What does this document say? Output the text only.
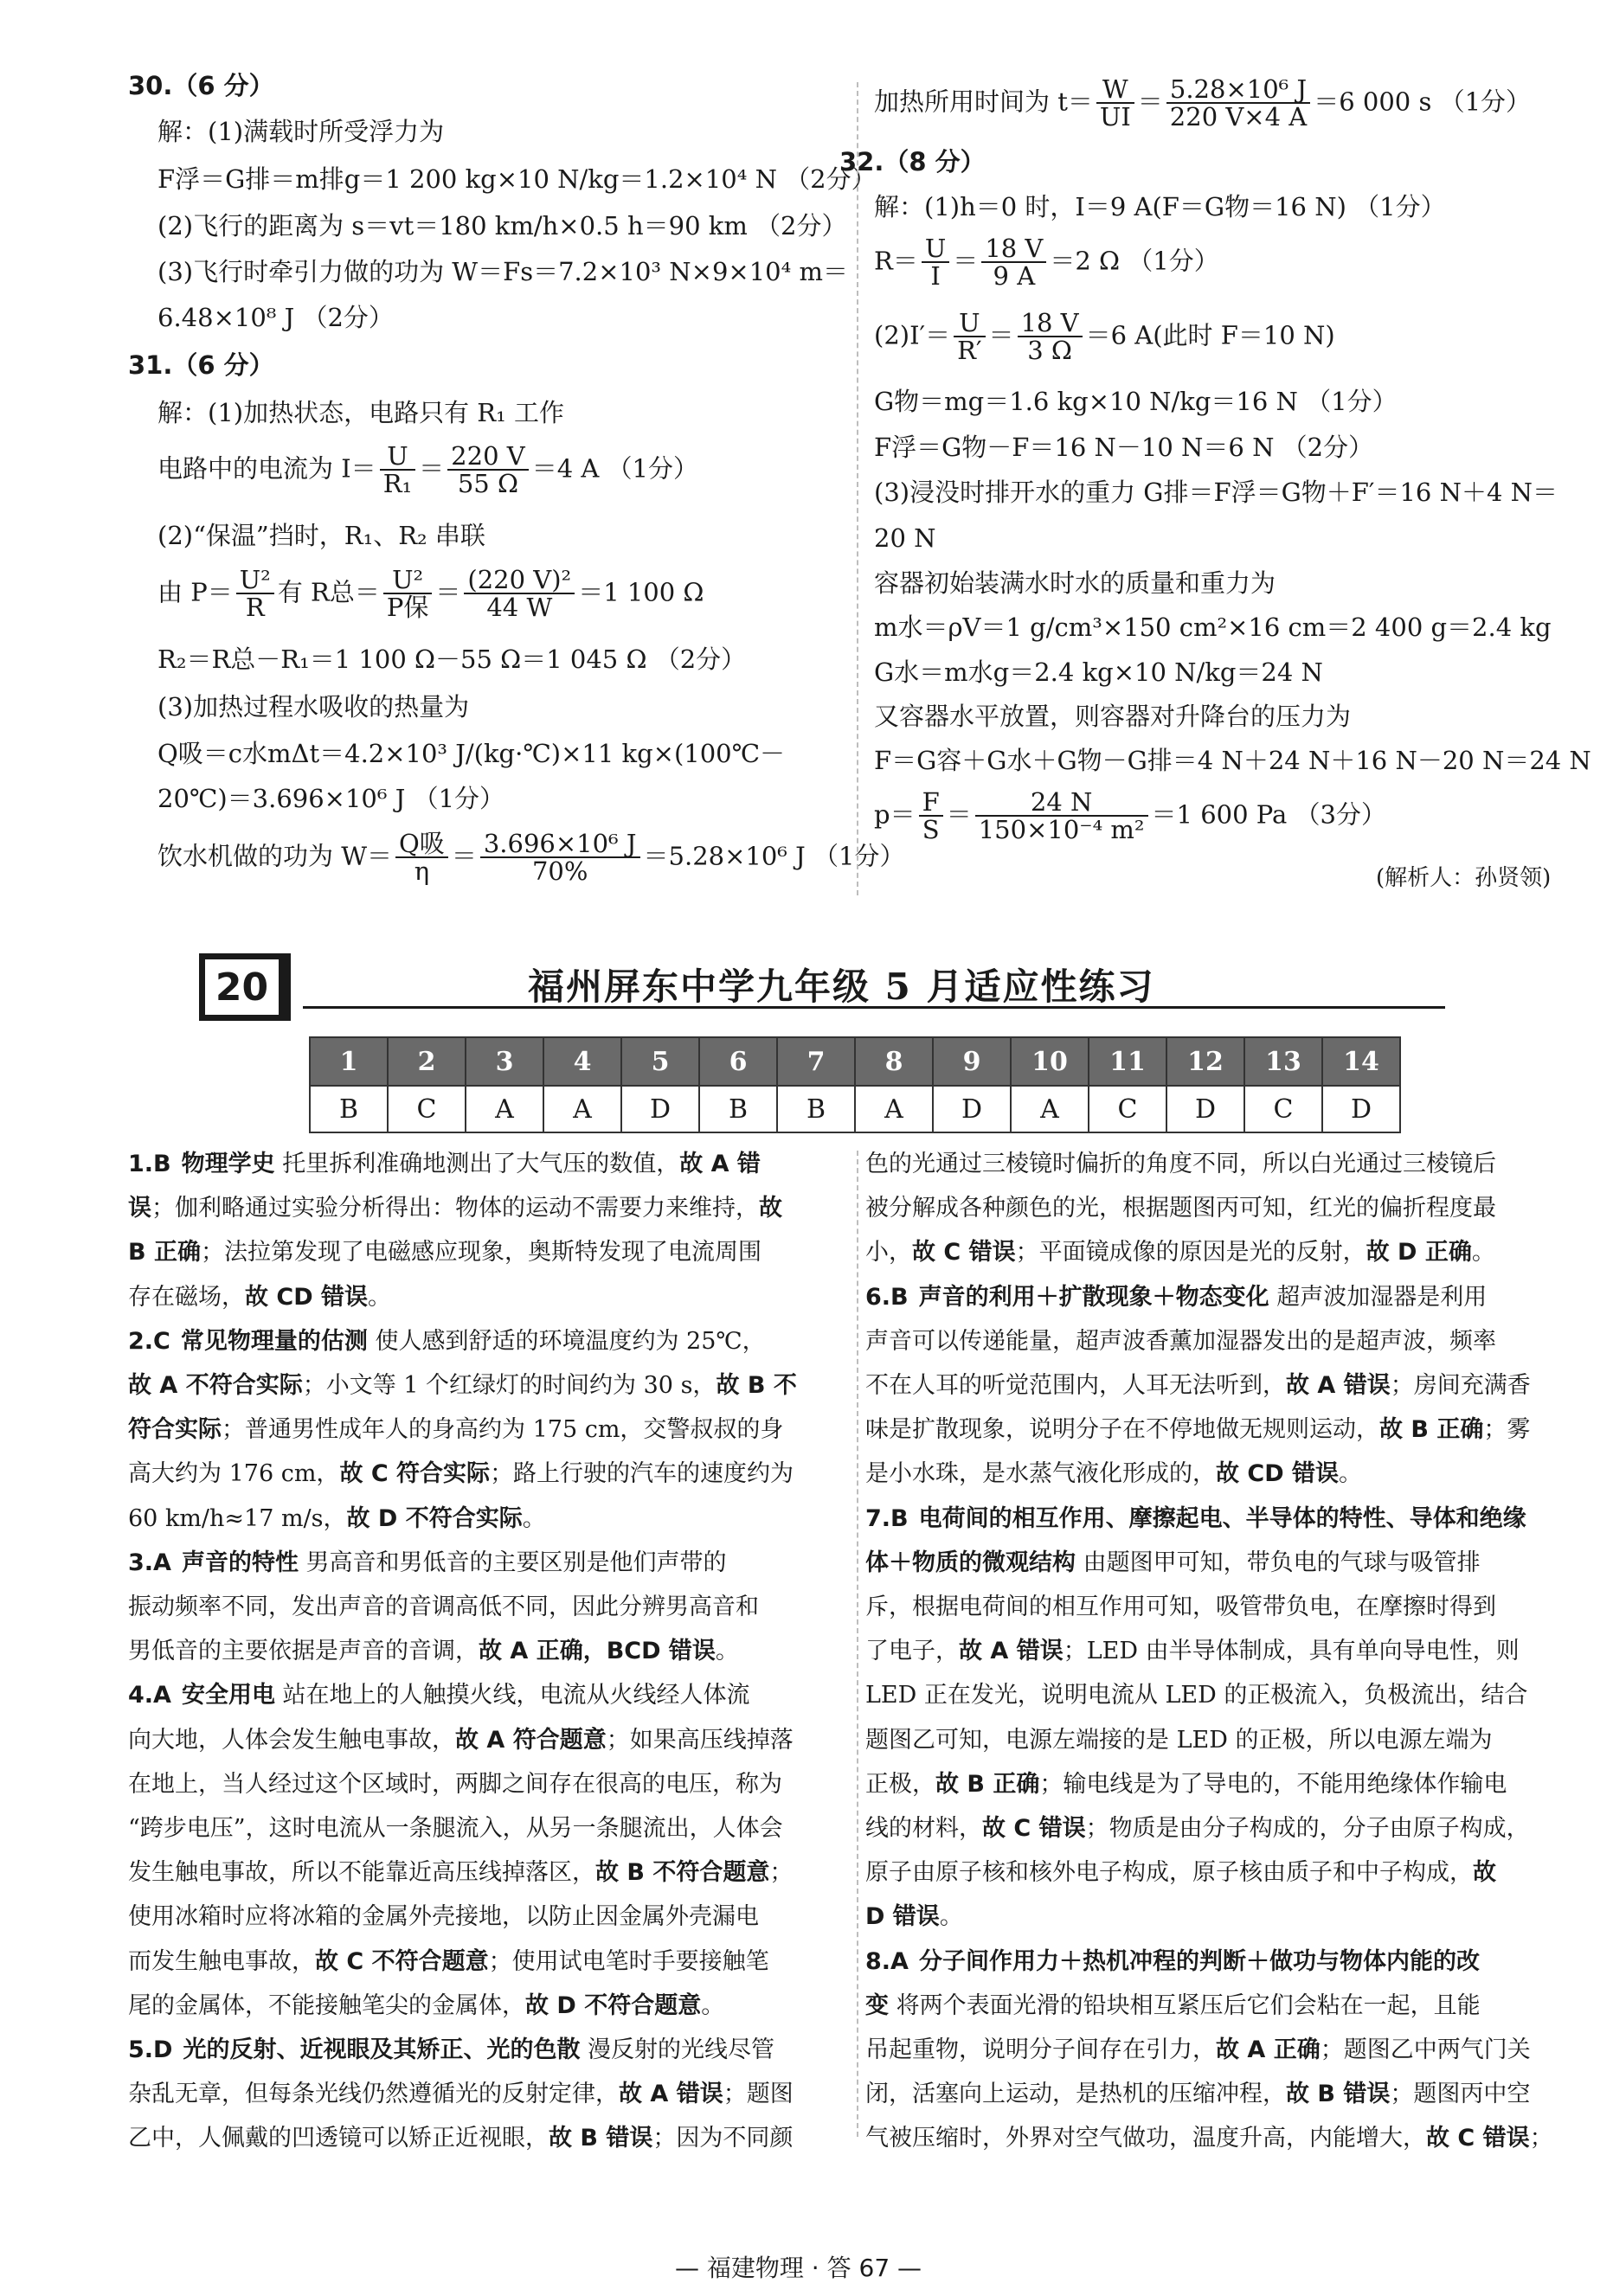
30.（6 分）
解：(1)满载时所受浮力为
F浮＝G排＝m排g＝1 200 kg×10 N/kg＝1.2×10⁴ N （2分）
(2)飞行的距离为 s＝vt＝180 km/h×0.5 h＝90 km （2分）
(3)飞行时牵引力做的功为 W＝Fs＝7.2×10³ N×9×10⁴ m＝
6.48×10⁸ J （2分）
31.（6 分）
解：(1)加热状态，电路只有 R₁ 工作
电路中的电流为 $I= \frac{U}{\text{R₁}} = \frac{220 V}{55 \Omega} =4$ A （1分）
(2)“保温”挡时，R₁、R₂ 串联
由 $P= \frac{\text{U²}}{R}$ 有 R总＝ $\frac{\text{U²}}{\text{P保}} = \frac{\text{(220 V)²}}{44 W} =1$ 100 Ω
R₂＝R总－R₁＝1 100 Ω－55 Ω＝1 045 Ω （2分）
(3)加热过程水吸收的热量为
Q吸＝c水mΔt＝4.2×10³ J/(kg·℃)×11 kg×(100℃－
20℃)＝3.696×10⁶ J （1分）
饮水机做的功为 $W= \frac{\text{Q吸}}{\eta} = \frac{\text{3.696×10⁶ J}}{70\%} =5.28\times 10^6$ J （1分）
加热所用时间为 $t= \frac{W}{UI} = \frac{\text{5.28×10⁶ J}}{220 V\times 4 A} =6$ 000 s （1分）
32.（8 分）
解：(1)h＝0 时，I＝9 A(F＝G物＝16 N) （1分）
$R= \frac{U}{I} = \frac{18 V}{9 A} =2$ Ω （1分）
$(2)I'= \frac{U}{R'} = \frac{18 V}{3 \Omega} =6$ A(此时 F＝10 N)
G物＝mg＝1.6 kg×10 N/kg＝16 N （1分）
F浮＝G物－F＝16 N－10 N＝6 N （2分）
(3)浸没时排开水的重力 G排＝F浮＝G物＋F′＝16 N＋4 N＝
20 N
容器初始装满水时水的质量和重力为
m水＝ρV＝1 g/cm³×150 cm²×16 cm＝2 400 g＝2.4 kg
G水＝m水g＝2.4 kg×10 N/kg＝24 N
又容器水平放置，则容器对升降台的压力为
F＝G容＋G水＋G物－G排＝4 N＋24 N＋16 N－20 N＝24 N
$p= \frac{F}{S} = \frac{24 N}{\text{150×10⁻⁴ m²}} =1$ 600 Pa （3分）
(解析人：孙贤领)
20	福州屏东中学九年级 5 月适应性练习
1	2	3	4	5	6	7	8	9	10	11	12	13	14
B	C	A	A	D	B	B	A	D	A	C	D	C	D
1.B 物理学史 托里拆利准确地测出了大气压的数值，故 A 错
误；伽利略通过实验分析得出：物体的运动不需要力来维持，故
B 正确；法拉第发现了电磁感应现象，奥斯特发现了电流周围
存在磁场，故 CD 错误。
2.C 常见物理量的估测 使人感到舒适的环境温度约为 25℃，
故 A 不符合实际；小文等 1 个红绿灯的时间约为 30 s，故 B 不
符合实际；普通男性成年人的身高约为 175 cm，交警叔叔的身
高大约为 176 cm，故 C 符合实际；路上行驶的汽车的速度约为
60 km/h≈17 m/s，故 D 不符合实际。
3.A 声音的特性 男高音和男低音的主要区别是他们声带的
振动频率不同，发出声音的音调高低不同，因此分辨男高音和
男低音的主要依据是声音的音调，故 A 正确，BCD 错误。
4.A 安全用电 站在地上的人触摸火线，电流从火线经人体流
向大地，人体会发生触电事故，故 A 符合题意；如果高压线掉落
在地上，当人经过这个区域时，两脚之间存在很高的电压，称为
“跨步电压”，这时电流从一条腿流入，从另一条腿流出，人体会
发生触电事故，所以不能靠近高压线掉落区，故 B 不符合题意；
使用冰箱时应将冰箱的金属外壳接地，以防止因金属外壳漏电
而发生触电事故，故 C 不符合题意；使用试电笔时手要接触笔
尾的金属体，不能接触笔尖的金属体，故 D 不符合题意。
5.D 光的反射、近视眼及其矫正、光的色散 漫反射的光线尽管
杂乱无章，但每条光线仍然遵循光的反射定律，故 A 错误；题图
乙中，人佩戴的凹透镜可以矫正近视眼，故 B 错误；因为不同颜
色的光通过三棱镜时偏折的角度不同，所以白光通过三棱镜后
被分解成各种颜色的光，根据题图丙可知，红光的偏折程度最
小，故 C 错误；平面镜成像的原因是光的反射，故 D 正确。
6.B 声音的利用＋扩散现象＋物态变化 超声波加湿器是利用
声音可以传递能量，超声波香薰加湿器发出的是超声波，频率
不在人耳的听觉范围内，人耳无法听到，故 A 错误；房间充满香
味是扩散现象，说明分子在不停地做无规则运动，故 B 正确；雾
是小水珠，是水蒸气液化形成的，故 CD 错误。
7.B 电荷间的相互作用、摩擦起电、半导体的特性、导体和绝缘
体＋物质的微观结构 由题图甲可知，带负电的气球与吸管排
斥，根据电荷间的相互作用可知，吸管带负电，在摩擦时得到
了电子，故 A 错误；LED 由半导体制成，具有单向导电性，则
LED 正在发光，说明电流从 LED 的正极流入，负极流出，结合
题图乙可知，电源左端接的是 LED 的正极，所以电源左端为
正极，故 B 正确；输电线是为了导电的，不能用绝缘体作输电
线的材料，故 C 错误；物质是由分子构成的，分子由原子构成，
原子由原子核和核外电子构成，原子核由质子和中子构成，故
D 错误。
8.A 分子间作用力＋热机冲程的判断＋做功与物体内能的改
变 将两个表面光滑的铅块相互紧压后它们会粘在一起，且能
吊起重物，说明分子间存在引力，故 A 正确；题图乙中两气门关
闭，活塞向上运动，是热机的压缩冲程，故 B 错误；题图丙中空
气被压缩时，外界对空气做功，温度升高，内能增大，故 C 错误；
— 福建物理 · 答 67 —
